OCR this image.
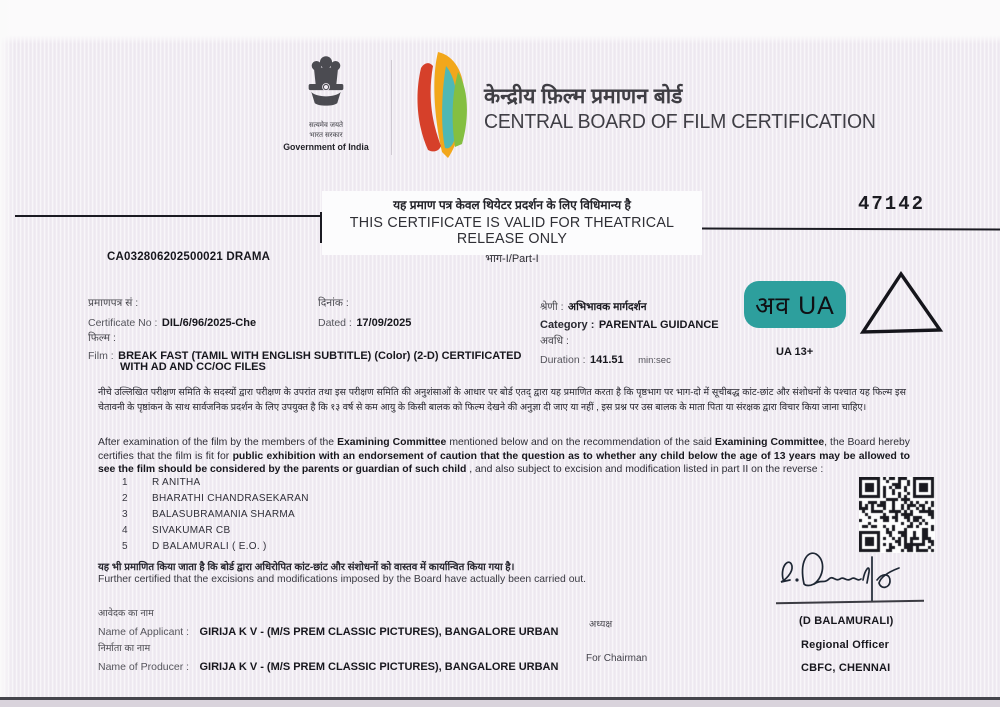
सत्यमेव जयते
भारत सरकार
Government of India
केन्द्रीय फ़िल्म प्रमाणन बोर्ड
CENTRAL BOARD OF FILM CERTIFICATION
यह प्रमाण पत्र केवल थियेटर प्रदर्शन के लिए विधिमान्य है
THIS CERTIFICATE IS VALID FOR THEATRICAL RELEASE ONLY
भाग-I/Part-I
47142
CA032806202500021 DRAMA
प्रमाणपत्र सं :
Certificate No : DIL/6/96/2025-Che
फिल्म :
Film : BREAK FAST (TAMIL WITH ENGLISH SUBTITLE) (Color) (2-D) CERTIFICATED
WITH AD AND CC/OC FILES
दिनांक :
Dated : 17/09/2025
श्रेणी : अभिभावक मार्गदर्शन
Category : PARENTAL GUIDANCE
अवधि :
Duration : 141.51 min:sec
अव UA
UA 13+
नीचे उल्लिखित परीक्षण समिति के सदस्यों द्वारा परीक्षण के उपरांत तथा इस परीक्षण समिति की अनुशंसाओं के आधार पर बोर्ड एतद् द्वारा यह प्रमाणित करता है कि पृष्ठभाग पर भाग-दो में सूचीबद्ध कांट-छांट और संशोधनों के पश्चात यह फिल्म इस चेतावनी के पृष्ठांकन के साथ सार्वजनिक प्रदर्शन के लिए उपयुक्त है कि १३ वर्ष से कम आयु के किसी बालक को फिल्म देखने की अनुज्ञा दी जाए या नहीं , इस प्रश्न पर उस बालक के माता पिता या संरक्षक द्वारा विचार किया जाना चाहिए।
After examination of the film by the members of the Examining Committee mentioned below and on the recommendation of the said Examining Committee, the Board hereby certifies that the film is fit for public exhibition with an endorsement of caution that the question as to whether any child below the age of 13 years may be allowed to see the film should be considered by the parents or guardian of such child , and also subject to excision and modification listed in part II on the reverse :
1 R ANITHA
2 BHARATHI CHANDRASEKARAN
3 BALASUBRAMANIA SHARMA
4 SIVAKUMAR CB
5 D BALAMURALI ( E.O. )
यह भी प्रमाणित किया जाता है कि बोर्ड द्वारा अधिरोपित कांट-छांट और संशोधनों को वास्तव में कार्यान्वित किया गया है।
Further certified that the excisions and modifications imposed by the Board have actually been carried out.
(D BALAMURALI)
Regional Officer
CBFC, CHENNAI
आवेदक का नाम
Name of Applicant : GIRIJA K V - (M/S PREM CLASSIC PICTURES), BANGALORE URBAN
निर्माता का नाम
Name of Producer : GIRIJA K V - (M/S PREM CLASSIC PICTURES), BANGALORE URBAN
अध्यक्ष
For Chairman
